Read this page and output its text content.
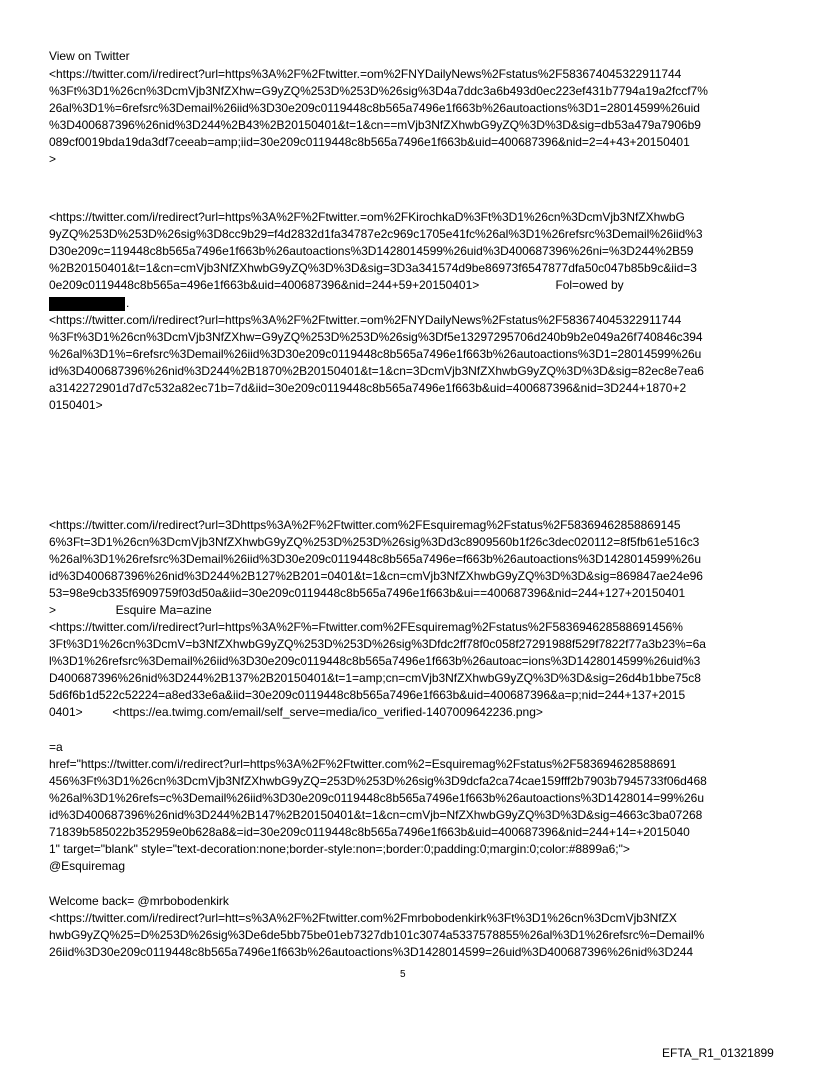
View on Twitter
<https://twitter.com/i/redirect?url=https%3A%2F%2Ftwitter.=om%2FNYDailyNews%2Fstatus%2F583674045322911744
%3Ft%3D1%26cn%3DcmVjb3NfZXhw=G9yZQ%253D%253D%26sig%3D4a7ddc3a6b493d0ec223ef431b7794a19a2fccf7%
26al%3D1%=6refsrc%3Demail%26iid%3D30e209c0119448c8b565a7496e1f663b%26autoactions%3D1=28014599%26uid
%3D400687396%26nid%3D244%2B43%2B20150401&t=1&cn==mVjb3NfZXhwbG9yZQ%3D%3D&sig=db53a479a7906b9
089cf0019bda19da3df7ceeab=amp;iid=30e209c0119448c8b565a7496e1f663b&uid=400687396&nid=2=4+43+20150401
>
<https://twitter.com/i/redirect?url=https%3A%2F%2Ftwitter.=om%2FKirochkaD%3Ft%3D1%26cn%3DcmVjb3NfZXhwbG
9yZQ%253D%253D%26sig%3D8cc9b29=f4d2832d1fa34787e2c969c1705e41fc%26al%3D1%26refsrc%3Demail%26iid%3
D30e209c=119448c8b565a7496e1f663b%26autoactions%3D1428014599%26uid%3D400687396%26ni=%3D244%2B59
%2B20150401&t=1&cn=cmVjb3NfZXhwbG9yZQ%3D%3D&sig=3D3a341574d9be86973f6547877dfa50c047b85b9c&iid=3
0e209c0119448c8b565a=496e1f663b&uid=400687396&nid=244+59+20150401>                       Fol=owed by
.
<https://twitter.com/i/redirect?url=https%3A%2F%2Ftwitter.=om%2FNYDailyNews%2Fstatus%2F583674045322911744
%3Ft%3D1%26cn%3DcmVjb3NfZXhw=G9yZQ%253D%253D%26sig%3Df5e13297295706d240b9b2e049a26f740846c394
%26al%3D1%=6refsrc%3Demail%26iid%3D30e209c0119448c8b565a7496e1f663b%26autoactions%3D1=28014599%26u
id%3D400687396%26nid%3D244%2B1870%2B20150401&t=1&cn=3DcmVjb3NfZXhwbG9yZQ%3D%3D&sig=82ec8e7ea6
a3142272901d7d7c532a82ec71b=7d&iid=30e209c0119448c8b565a7496e1f663b&uid=400687396&nid=3D244+1870+2
0150401>
<https://twitter.com/i/redirect?url=3Dhttps%3A%2F%2Ftwitter.com%2FEsquiremag%2Fstatus%2F58369462858869145
6%3Ft=3D1%26cn%3DcmVjb3NfZXhwbG9yZQ%253D%253D%26sig%3Dd3c8909560b1f26c3dec020112=8f5fb61e516c3
%26al%3D1%26refsrc%3Demail%26iid%3D30e209c0119448c8b565a7496e=f663b%26autoactions%3D1428014599%26u
id%3D400687396%26nid%3D244%2B127%2B201=0401&t=1&cn=cmVjb3NfZXhwbG9yZQ%3D%3D&sig=869847ae24e96
53=98e9cb335f6909759f03d50a&iid=30e209c0119448c8b565a7496e1f663b&ui==400687396&nid=244+127+20150401
>                  Esquire Ma=azine
<https://twitter.com/i/redirect?url=https%3A%2F%=Ftwitter.com%2FEsquiremag%2Fstatus%2F583694628588691456%
3Ft%3D1%26cn%3DcmV=b3NfZXhwbG9yZQ%253D%253D%26sig%3Dfdc2ff78f0c058f27291988f529f7822f77a3b23%=6a
l%3D1%26refsrc%3Demail%26iid%3D30e209c0119448c8b565a7496e1f663b%26autoac=ions%3D1428014599%26uid%3
D400687396%26nid%3D244%2B137%2B20150401&t=1=amp;cn=cmVjb3NfZXhwbG9yZQ%3D%3D&sig=26d4b1bbe75c8
5d6f6b1d522c52224=a8ed33e6a&iid=30e209c0119448c8b565a7496e1f663b&uid=400687396&a=p;nid=244+137+2015
0401>         <https://ea.twimg.com/email/self_serve=media/ico_verified-1407009642236.png>
=a
href="https://twitter.com/i/redirect?url=https%3A%2F%2Ftwitter.com%2=Esquiremag%2Fstatus%2F583694628588691
456%3Ft%3D1%26cn%3DcmVjb3NfZXhwbG9yZQ=253D%253D%26sig%3D9dcfa2ca74cae159fff2b7903b7945733f06d468
%26al%3D1%26refs=c%3Demail%26iid%3D30e209c0119448c8b565a7496e1f663b%26autoactions%3D1428014=99%26u
id%3D400687396%26nid%3D244%2B147%2B20150401&t=1&cn=cmVjb=NfZXhwbG9yZQ%3D%3D&sig=4663c3ba07268
71839b585022b352959e0b628a8&=id=30e209c0119448c8b565a7496e1f663b&uid=400687396&nid=244+14=+2015040
1" target="blank" style="text-decoration:none;border-style:non=;border:0;padding:0;margin:0;color:#8899a6;">
@Esquiremag
Welcome back= @mrbobodenkirk
<https://twitter.com/i/redirect?url=htt=s%3A%2F%2Ftwitter.com%2Fmrbobodenkirk%3Ft%3D1%26cn%3DcmVjb3NfZX
hwbG9yZQ%25=D%253D%26sig%3De6de5bb75be01eb7327db101c3074a5337578855%26al%3D1%26refsrc%=Demail%
26iid%3D30e209c0119448c8b565a7496e1f663b%26autoactions%3D1428014599=26uid%3D400687396%26nid%3D244
5
EFTA_R1_01321899
